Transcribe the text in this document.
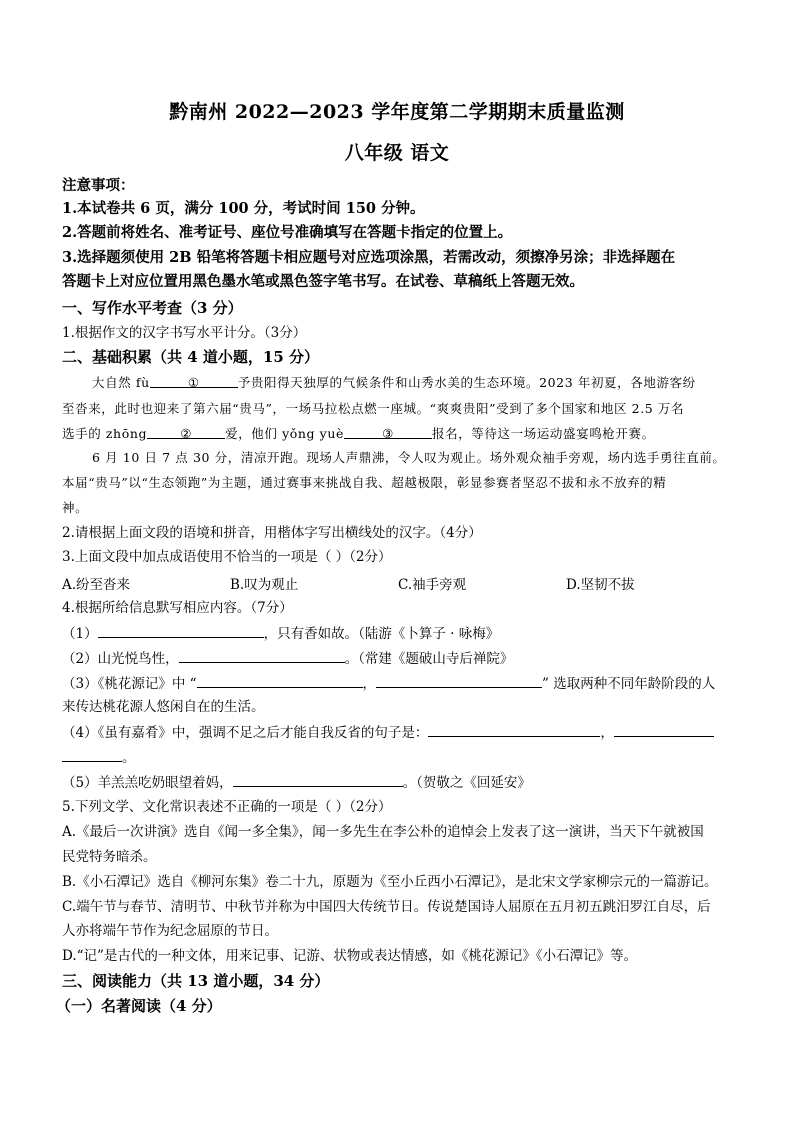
黔南州 2022—2023 学年度第二学期期末质量监测
八年级 语文
注意事项：
1.本试卷共 6 页，满分 100 分，考试时间 150 分钟。
2.答题前将姓名、准考证号、座位号准确填写在答题卡指定的位置上。
3.选择题须使用 2B 铅笔将答题卡相应题号对应选项涂黑，若需改动，须擦净另涂；非选择题在
答题卡上对应位置用黑色墨水笔或黑色签字笔书写。在试卷、草稿纸上答题无效。
一、写作水平考查（3 分）
1.根据作文的汉字书写水平计分。（3分）
二、基础积累（共 4 道小题，15 分）
大自然 fù	①	予贵阳得天独厚的气候条件和山秀水美的生态环境。2023 年初夏，各地游客纷
至沓来，此时也迎来了第六届“贵马”，一场马拉松点燃一座城。“爽爽贵阳”受到了多个国家和地区 2.5 万名
选手的 zhōng	②	爱，他们 yǒng yuè	③	报名，等待这一场运动盛宴鸣枪开赛。
6 月 10 日 7 点 30 分，清凉开跑。现场人声鼎沸，令人叹为观止。场外观众袖手旁观，场内选手勇往直前。
本届“贵马”以“生态领跑”为主题，通过赛事来挑战自我、超越极限，彰显参赛者坚忍不拔和永不放弃的精
神。
2.请根据上面文段的语境和拼音，用楷体字写出横线处的汉字。（4分）
3.上面文段中加点成语使用不恰当的一项是（ ）（2分）
A.纷至沓来	B.叹为观止	C.袖手旁观	D.坚韧不拔
4.根据所给信息默写相应内容。（7分）
（1）	，只有香如故。（陆游《卜算子 · 咏梅》
（2）山光悦鸟性，	。（常建《题破山寺后禅院》
（3）《桃花源记》中 “	，	” 选取两种不同年龄阶段的人
来传达桃花源人悠闲自在的生活。
（4）《虽有嘉肴》中，强调不足之后才能自我反省的句子是：	，
。
（5）羊羔羔吃奶眼望着妈，	。（贺敬之《回延安》
5.下列文学、文化常识表述不正确的一项是（ ）（2分）
A.《最后一次讲演》选自《闻一多全集》，闻一多先生在李公朴的追悼会上发表了这一演讲，当天下午就被国
民党特务暗杀。
B.《小石潭记》选自《柳河东集》卷二十九，原题为《至小丘西小石潭记》，是北宋文学家柳宗元的一篇游记。
C.端午节与春节、清明节、中秋节并称为中国四大传统节日。传说楚国诗人屈原在五月初五跳汨罗江自尽，后
人亦将端午节作为纪念屈原的节日。
D.“记”是古代的一种文体，用来记事、记游、状物或表达情感，如《桃花源记》《小石潭记》等。
三、阅读能力（共 13 道小题，34 分）
（一）名著阅读（4 分）
